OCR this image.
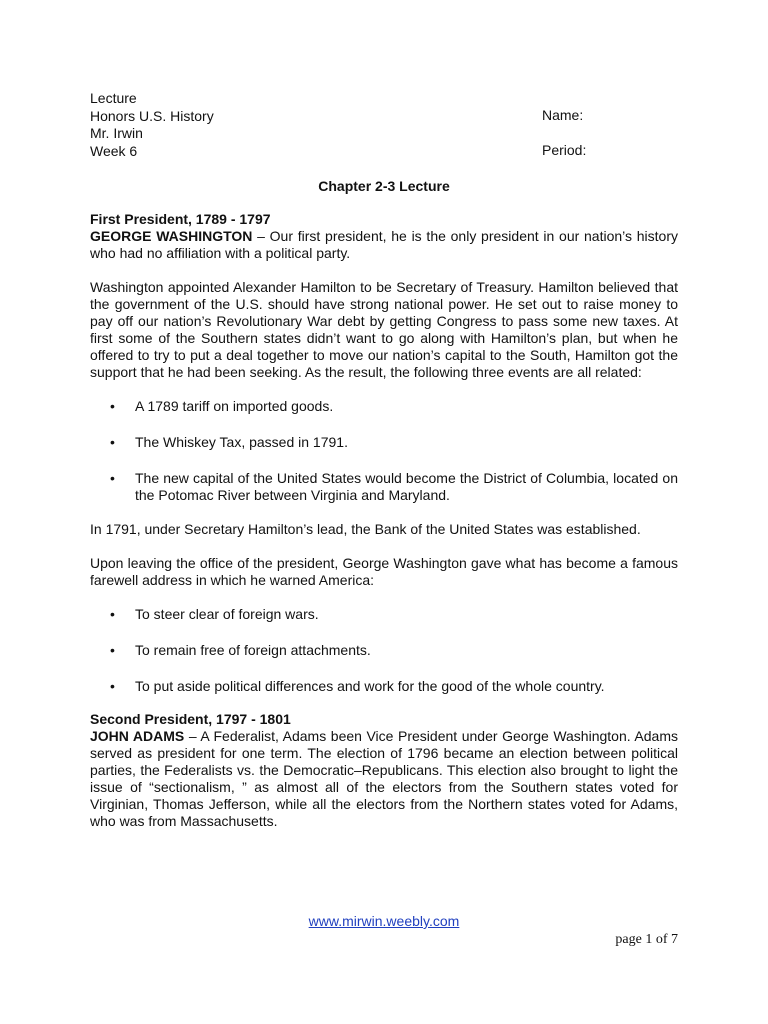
Lecture
Honors U.S. History
Mr. Irwin
Week 6
Name:
Period:
Chapter 2-3 Lecture
First President, 1789 - 1797

GEORGE WASHINGTON – Our first president, he is the only president in our nation’s history who had no affiliation with a political party.

Washington appointed Alexander Hamilton to be Secretary of Treasury. Hamilton believed that the government of the U.S. should have strong national power. He set out to raise money to pay off our nation’s Revolutionary War debt by getting Congress to pass some new taxes. At first some of the Southern states didn’t want to go along with Hamilton’s plan, but when he offered to try to put a deal together to move our nation’s capital to the South, Hamilton got the support that he had been seeking. As the result, the following three events are all related:

• A 1789 tariff on imported goods.
• The Whiskey Tax, passed in 1791.
• The new capital of the United States would become the District of Columbia, located on the Potomac River between Virginia and Maryland.

In 1791, under Secretary Hamilton’s lead, the Bank of the United States was established.

Upon leaving the office of the president, George Washington gave what has become a famous farewell address in which he warned America:

• To steer clear of foreign wars.
• To remain free of foreign attachments.
• To put aside political differences and work for the good of the whole country.
Second President, 1797 - 1801

JOHN ADAMS – A Federalist, Adams been Vice President under George Washington. Adams served as president for one term. The election of 1796 became an election between political parties, the Federalists vs. the Democratic–Republicans. This election also brought to light the issue of “sectionalism, ” as almost all of the electors from the Southern states voted for Virginian, Thomas Jefferson, while all the electors from the Northern states voted for Adams, who was from Massachusetts.

www.mirwin.weebly.com
page 1 of 7
